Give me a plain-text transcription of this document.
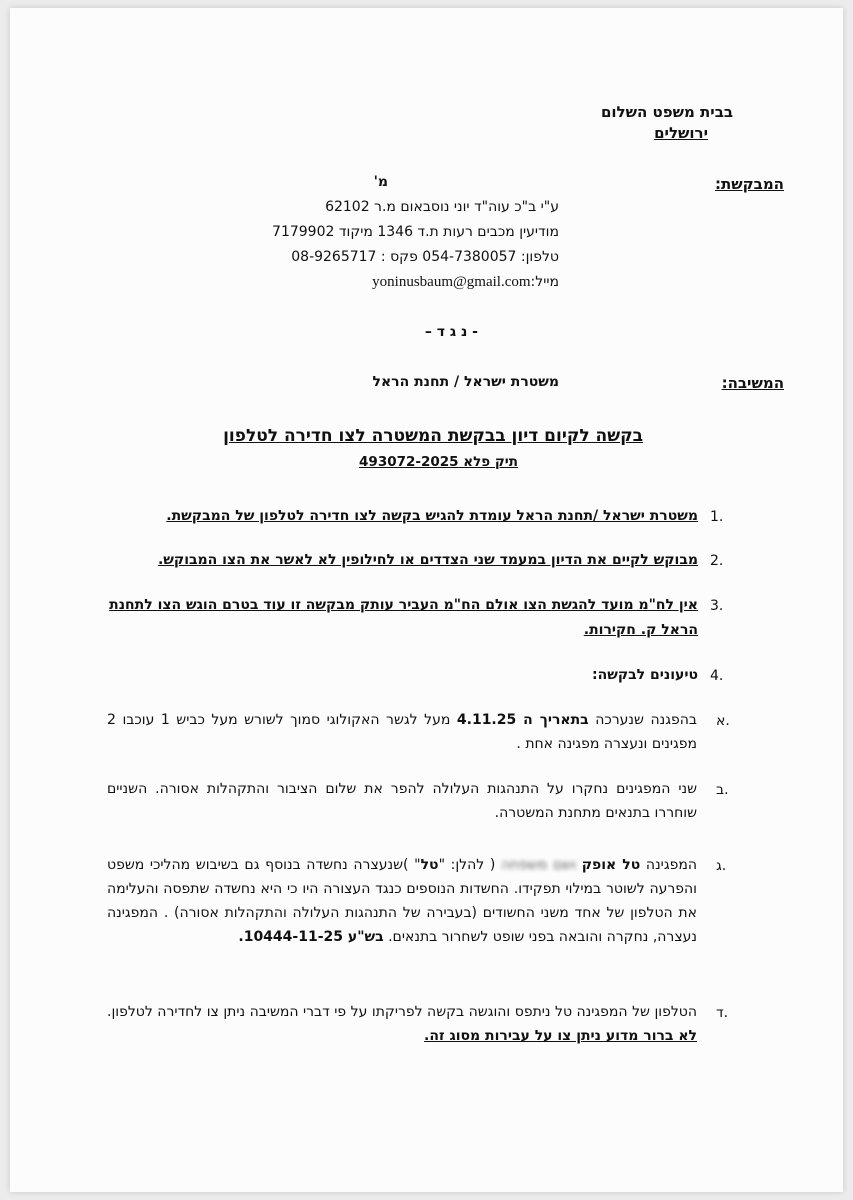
בבית משפט השלום
ירושלים
המבקשת:
מ'
ע"י ב"כ עוה"ד יוני נוסבאום מ.ר 62102
מודיעין מכבים רעות ת.ד 1346 מיקוד 7179902
טלפון: 054-7380057 פקס : 08-9265717
מייל:yoninusbaum@gmail.com
- נ ג ד –
המשיבה:
משטרת ישראל / תחנת הראל
בקשה לקיום דיון בבקשת המשטרה לצו חדירה לטלפון
תיק פלא 493072-2025
1.
משטרת ישראל /תחנת הראל עומדת להגיש בקשה לצו חדירה לטלפון של המבקשת.
2.
מבוקש לקיים את הדיון במעמד שני הצדדים או לחילופין לא לאשר את הצו המבוקש.
3.
אין לח"מ מועד להגשת הצו אולם הח"מ העביר עותק מבקשה זו עוד בטרם הוגש הצו לתחנת
הראל ק. חקירות.
4.
טיעונים לבקשה:
א.
בהפגנה שנערכה בתאריך ה 4.11.25 מעל לגשר האקולוגי סמוך לשורש מעל כביש 1 עוכבו 2 מפגינים ונעצרה מפגינה אחת .
ב.
שני המפגינים נחקרו על התנהגות העלולה להפר את שלום הציבור והתקהלות אסורה. השניים שוחררו בתנאים מתחנת המשטרה.
ג.
המפגינה טל אופק ושם משפחה ( להלן: "טל" )שנעצרה נחשדה בנוסף גם בשיבוש מהליכי משפט והפרעה לשוטר במילוי תפקידו. החשדות הנוספים כנגד העצורה היו כי היא נחשדה שתפסה והעלימה את הטלפון של אחד משני החשודים (בעבירה של התנהגות העלולה והתקהלות אסורה) . המפגינה נעצרה, נחקרה והובאה בפני שופט לשחרור בתנאים. בש"ע 10444-11-25.
ד.
הטלפון של המפגינה טל ניתפס והוגשה בקשה לפריקתו על פי דברי המשיבה ניתן צו לחדירה לטלפון. לא ברור מדוע ניתן צו על עבירות מסוג זה.
